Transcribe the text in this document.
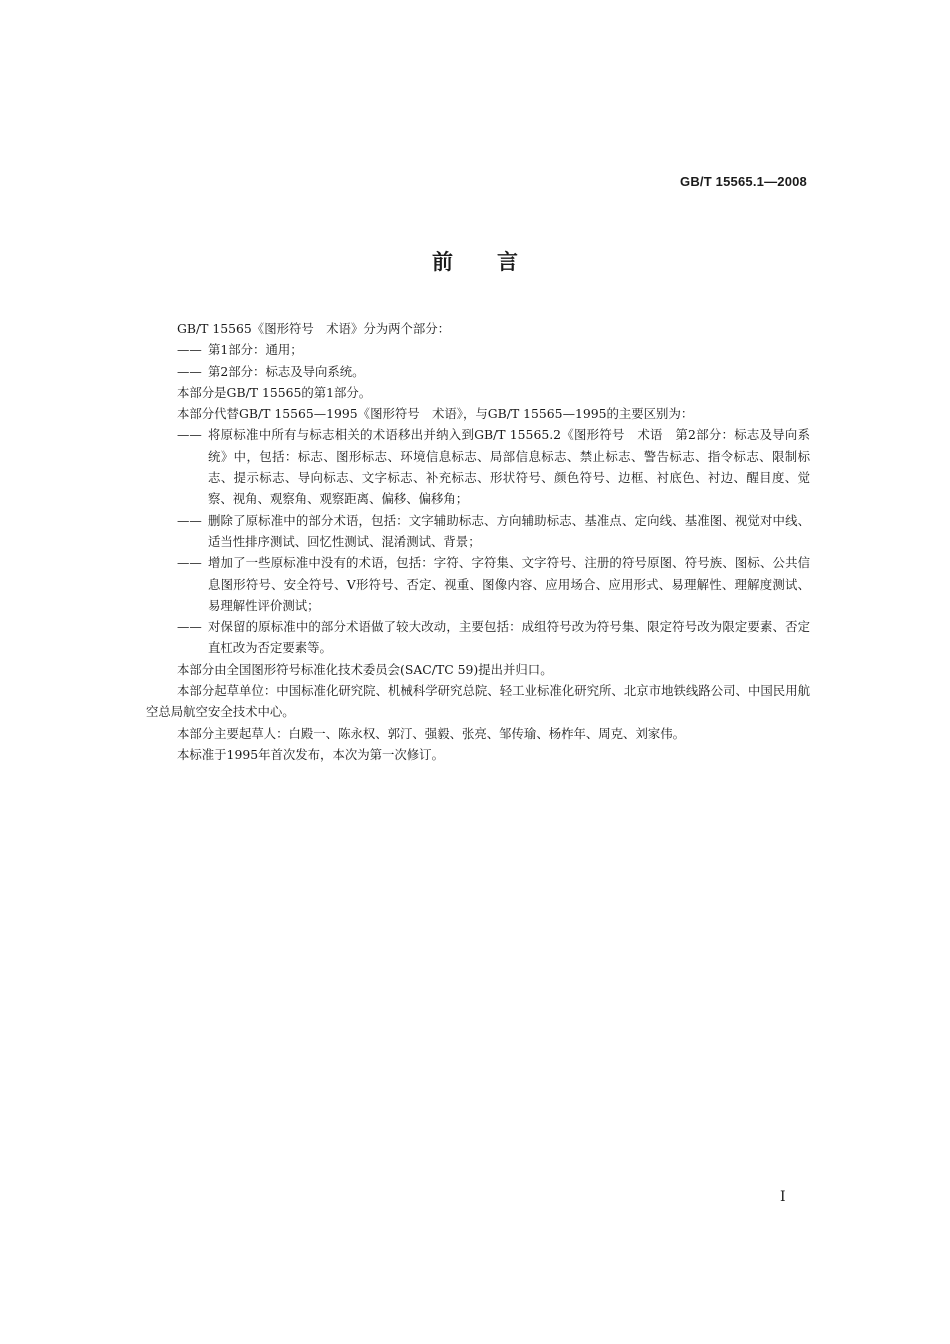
GB/T 15565.1—2008
前言

GB/T 15565《图形符号　术语》分为两个部分：

—— 第1部分：通用；
—— 第2部分：标志及导向系统。

本部分是GB/T 15565的第1部分。

本部分代替GB/T 15565—1995《图形符号　术语》，与GB/T 15565—1995的主要区别为：

—— 将原标准中所有与标志相关的术语移出并纳入到GB/T 15565.2《图形符号　术语　第2部分：标志及导向系统》中，包括：标志、图形标志、环境信息标志、局部信息标志、禁止标志、警告标志、指令标志、限制标志、提示标志、导向标志、文字标志、补充标志、形状符号、颜色符号、边框、衬底色、衬边、醒目度、觉察、视角、观察角、观察距离、偏移、偏移角；
—— 删除了原标准中的部分术语，包括：文字辅助标志、方向辅助标志、基准点、定向线、基准图、视觉对中线、适当性排序测试、回忆性测试、混淆测试、背景；
—— 增加了一些原标准中没有的术语，包括：字符、字符集、文字符号、注册的符号原图、符号族、图标、公共信息图形符号、安全符号、V形符号、否定、视重、图像内容、应用场合、应用形式、易理解性、理解度测试、易理解性评价测试；
—— 对保留的原标准中的部分术语做了较大改动，主要包括：成组符号改为符号集、限定符号改为限定要素、否定直杠改为否定要素等。

本部分由全国图形符号标准化技术委员会(SAC/TC 59)提出并归口。

本部分起草单位：中国标准化研究院、机械科学研究总院、轻工业标准化研究所、北京市地铁线路公司、中国民用航空总局航空安全技术中心。

本部分主要起草人：白殿一、陈永权、郭汀、强毅、张亮、邹传瑜、杨柞年、周克、刘家伟。

本标准于1995年首次发布，本次为第一次修订。

I
